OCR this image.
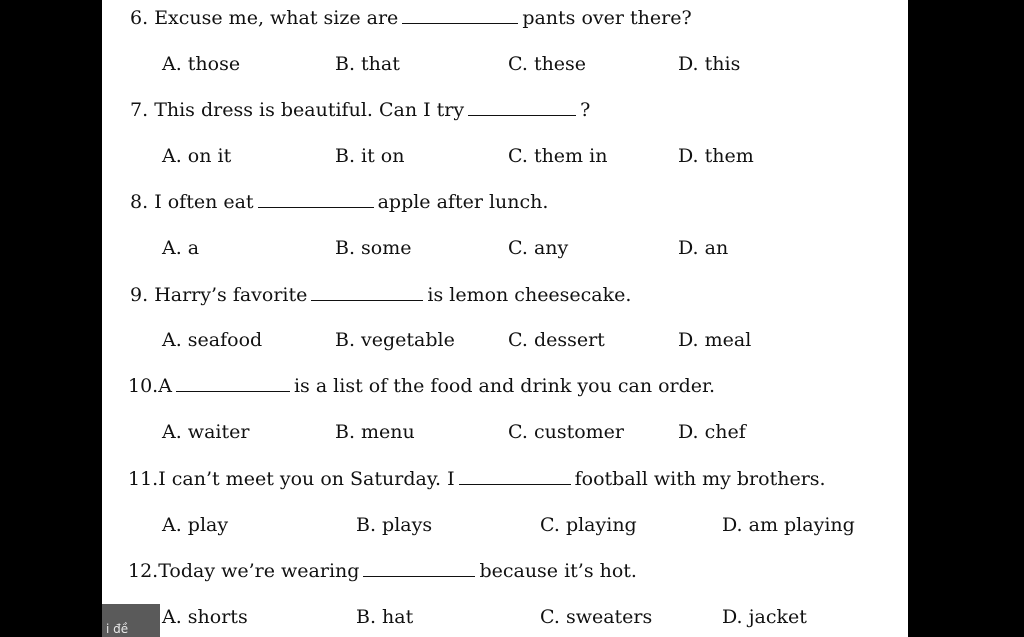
6. Excuse me, what size are	pants over there?
A. those	B. that	C. these	D. this
7. This dress is beautiful. Can I try	?
A. on it	B. it on	C. them in	D. them
8. I often eat	apple after lunch.
A. a	B. some	C. any	D. an
9. Harry’s favorite	is lemon cheesecake.
A. seafood	B. vegetable	C. dessert	D. meal
10.A	is a list of the food and drink you can order.
A. waiter	B. menu	C. customer	D. chef
11.I can’t meet you on Saturday. I	football with my brothers.
A. play	B. plays	C. playing	D. am playing
12.Today we’re wearing	because it’s hot.
A. shorts	B. hat	C. sweaters	D. jacket
i đề
